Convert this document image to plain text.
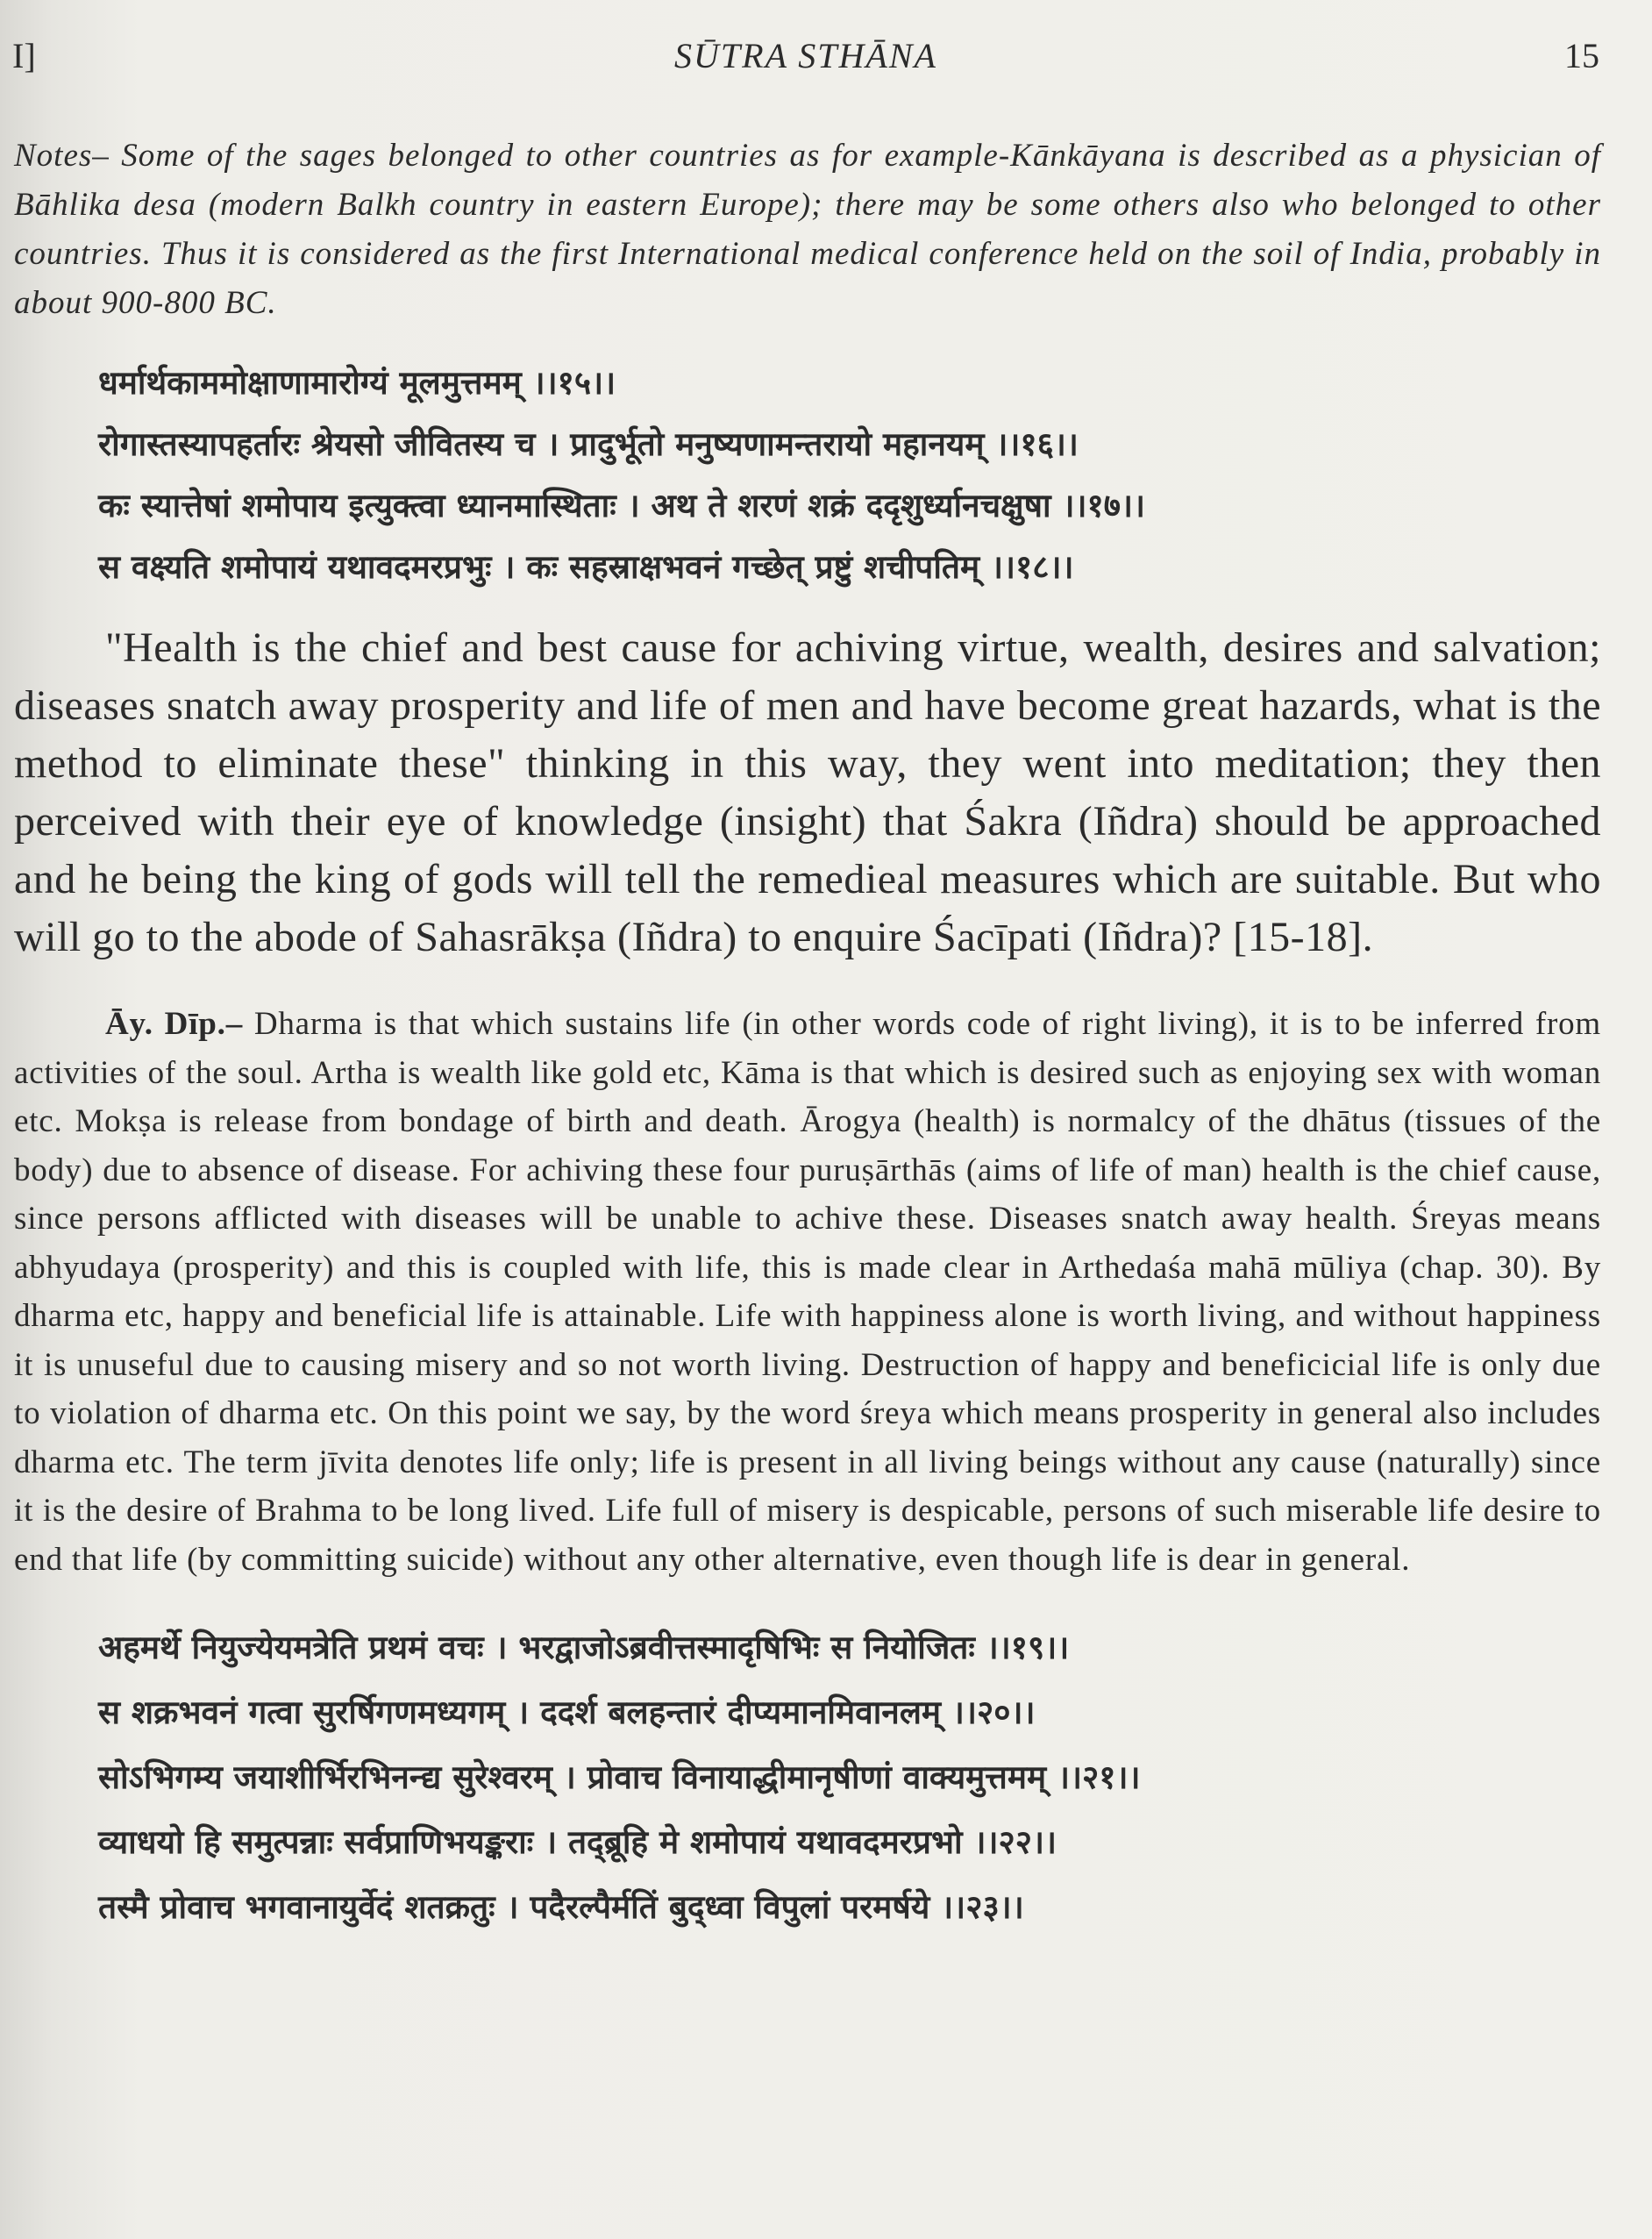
I]	SŪTRA STHĀNA	15

Notes– Some of the sages belonged to other countries as for example-Kānkāyana is described as a physician of Bāhlika desa (modern Balkh country in eastern Europe); there may be some others also who belonged to other countries. Thus it is considered as the first International medical conference held on the soil of India, probably in about 900-800 BC.

धर्मार्थकाममोक्षाणामारोग्यं मूलमुत्तमम् ।।१५।।
रोगास्तस्यापहर्तारः श्रेयसो जीवितस्य च । प्रादुर्भूतो मनुष्यणामन्तरायो महानयम् ।।१६।।
कः स्यात्तेषां शमोपाय इत्युक्त्वा ध्यानमास्थिताः । अथ ते शरणं शक्रं ददृशुर्ध्यानचक्षुषा ।।१७।।
स वक्ष्यति शमोपायं यथावदमरप्रभुः । कः सहस्राक्षभवनं गच्छेत् प्रष्टुं शचीपतिम् ।।१८।।

"Health is the chief and best cause for achiving virtue, wealth, desires and salvation; diseases snatch away prosperity and life of men and have become great hazards, what is the method to eliminate these" thinking in this way, they went into meditation; they then perceived with their eye of knowledge (insight) that Śakra (Iñdra) should be approached and he being the king of gods will tell the remedieal measures which are suitable. But who will go to the abode of Sahasrākṣa (Iñdra) to enquire Śacīpati (Iñdra)? [15-18].

Āy. Dīp.– Dharma is that which sustains life (in other words code of right living), it is to be inferred from activities of the soul. Artha is wealth like gold etc, Kāma is that which is desired such as enjoying sex with woman etc. Mokṣa is release from bondage of birth and death. Ārogya (health) is normalcy of the dhātus (tissues of the body) due to absence of disease. For achiving these four puruṣārthās (aims of life of man) health is the chief cause, since persons afflicted with diseases will be unable to achive these. Diseases snatch away health. Śreyas means abhyudaya (prosperity) and this is coupled with life, this is made clear in Arthedaśa mahā mūliya (chap. 30). By dharma etc, happy and beneficial life is attainable. Life with happiness alone is worth living, and without happiness it is unuseful due to causing misery and so not worth living. Destruction of happy and beneficicial life is only due to violation of dharma etc. On this point we say, by the word śreya which means prosperity in general also includes dharma etc. The term jīvita denotes life only; life is present in all living beings without any cause (naturally) since it is the desire of Brahma to be long lived. Life full of misery is despicable, persons of such miserable life desire to end that life (by committing suicide) without any other alternative, even though life is dear in general.

अहमर्थे नियुज्येयमत्रेति प्रथमं वचः । भरद्वाजोऽब्रवीत्तस्मादृषिभिः स नियोजितः ।।१९।।
स शक्रभवनं गत्वा सुरर्षिगणमध्यगम् । ददर्श बलहन्तारं दीप्यमानमिवानलम् ।।२०।।
सोऽभिगम्य जयाशीर्भिरभिनन्द्य सुरेश्वरम् । प्रोवाच विनायाद्धीमानृषीणां वाक्यमुत्तमम् ।।२१।।
व्याधयो हि समुत्पन्नाः सर्वप्राणिभयङ्कराः । तद्ब्रूहि मे शमोपायं यथावदमरप्रभो ।।२२।।
तस्मै प्रोवाच भगवानायुर्वेदं शतक्रतुः । पदैरल्पैर्मतिं बुद्ध्वा विपुलां परमर्षये ।।२३।।
